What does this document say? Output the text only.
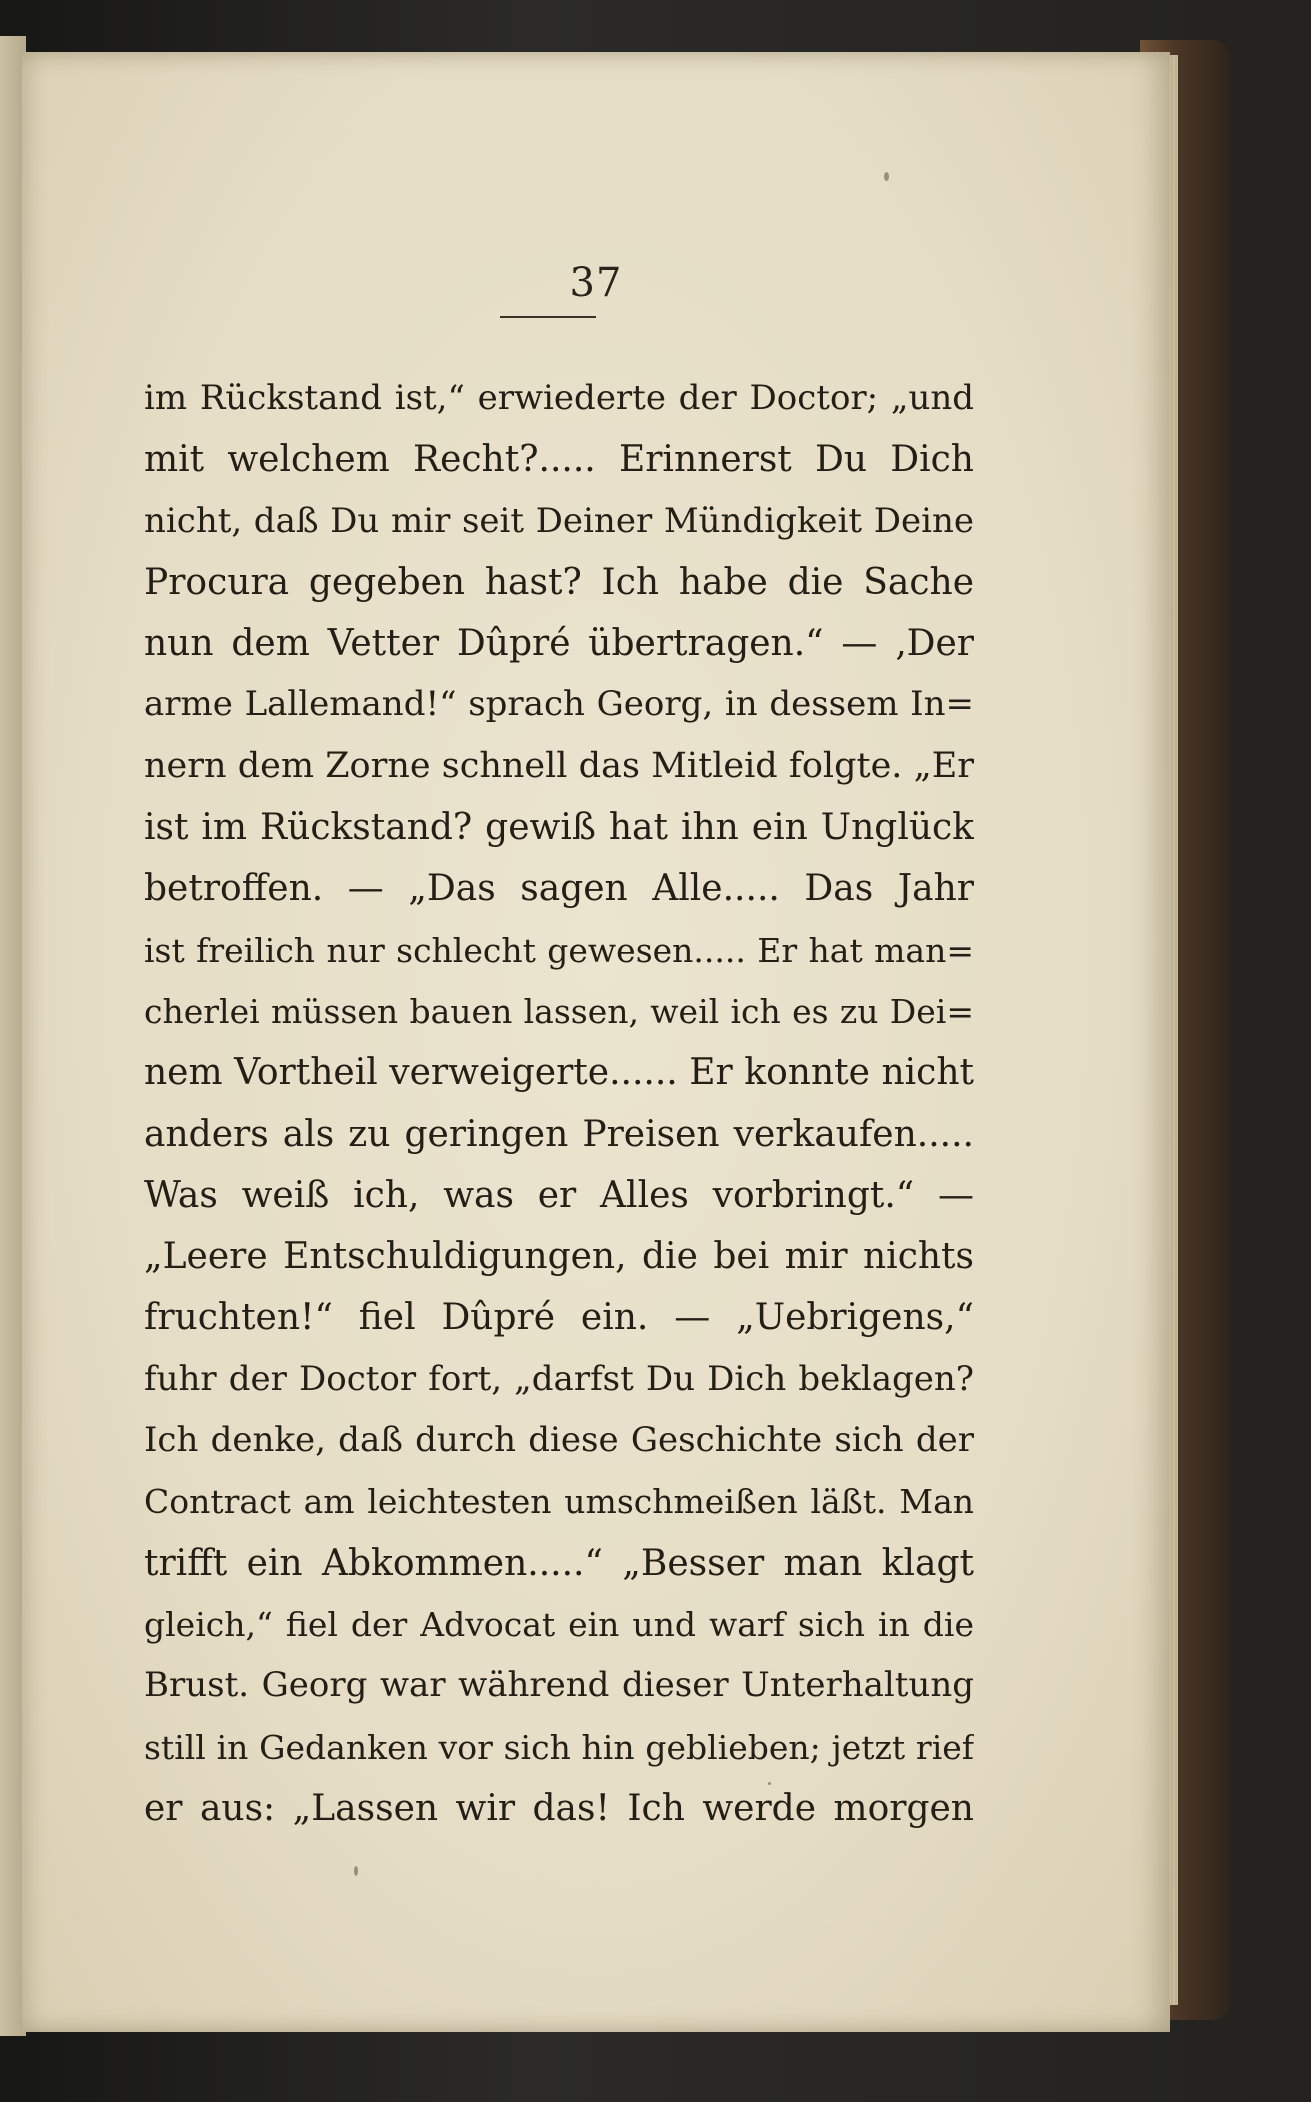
37
im Rückstand ist,“ erwiederte der Doctor; „und
mit welchem Recht?..... Erinnerst Du Dich
nicht, daß Du mir seit Deiner Mündigkeit Deine
Procura gegeben hast? Ich habe die Sache
nun dem Vetter Dûpré übertragen.“ — ‚Der
arme Lallemand!“ sprach Georg, in dessem In=
nern dem Zorne schnell das Mitleid folgte. „Er
ist im Rückstand? gewiß hat ihn ein Unglück
betroffen. — „Das sagen Alle..... Das Jahr
ist freilich nur schlecht gewesen..... Er hat man=
cherlei müssen bauen lassen, weil ich es zu Dei=
nem Vortheil verweigerte...... Er konnte nicht
anders als zu geringen Preisen verkaufen.....
Was weiß ich, was er Alles vorbringt.“ —
„Leere Entschuldigungen, die bei mir nichts
fruchten!“ fiel Dûpré ein. — „Uebrigens,“
fuhr der Doctor fort, „darfst Du Dich beklagen?
Ich denke, daß durch diese Geschichte sich der
Contract am leichtesten umschmeißen läßt. Man
trifft ein Abkommen.....“ „Besser man klagt
gleich,“ fiel der Advocat ein und warf sich in die
Brust. Georg war während dieser Unterhaltung
still in Gedanken vor sich hin geblieben; jetzt rief
er aus: „Lassen wir das! Ich werde morgen
